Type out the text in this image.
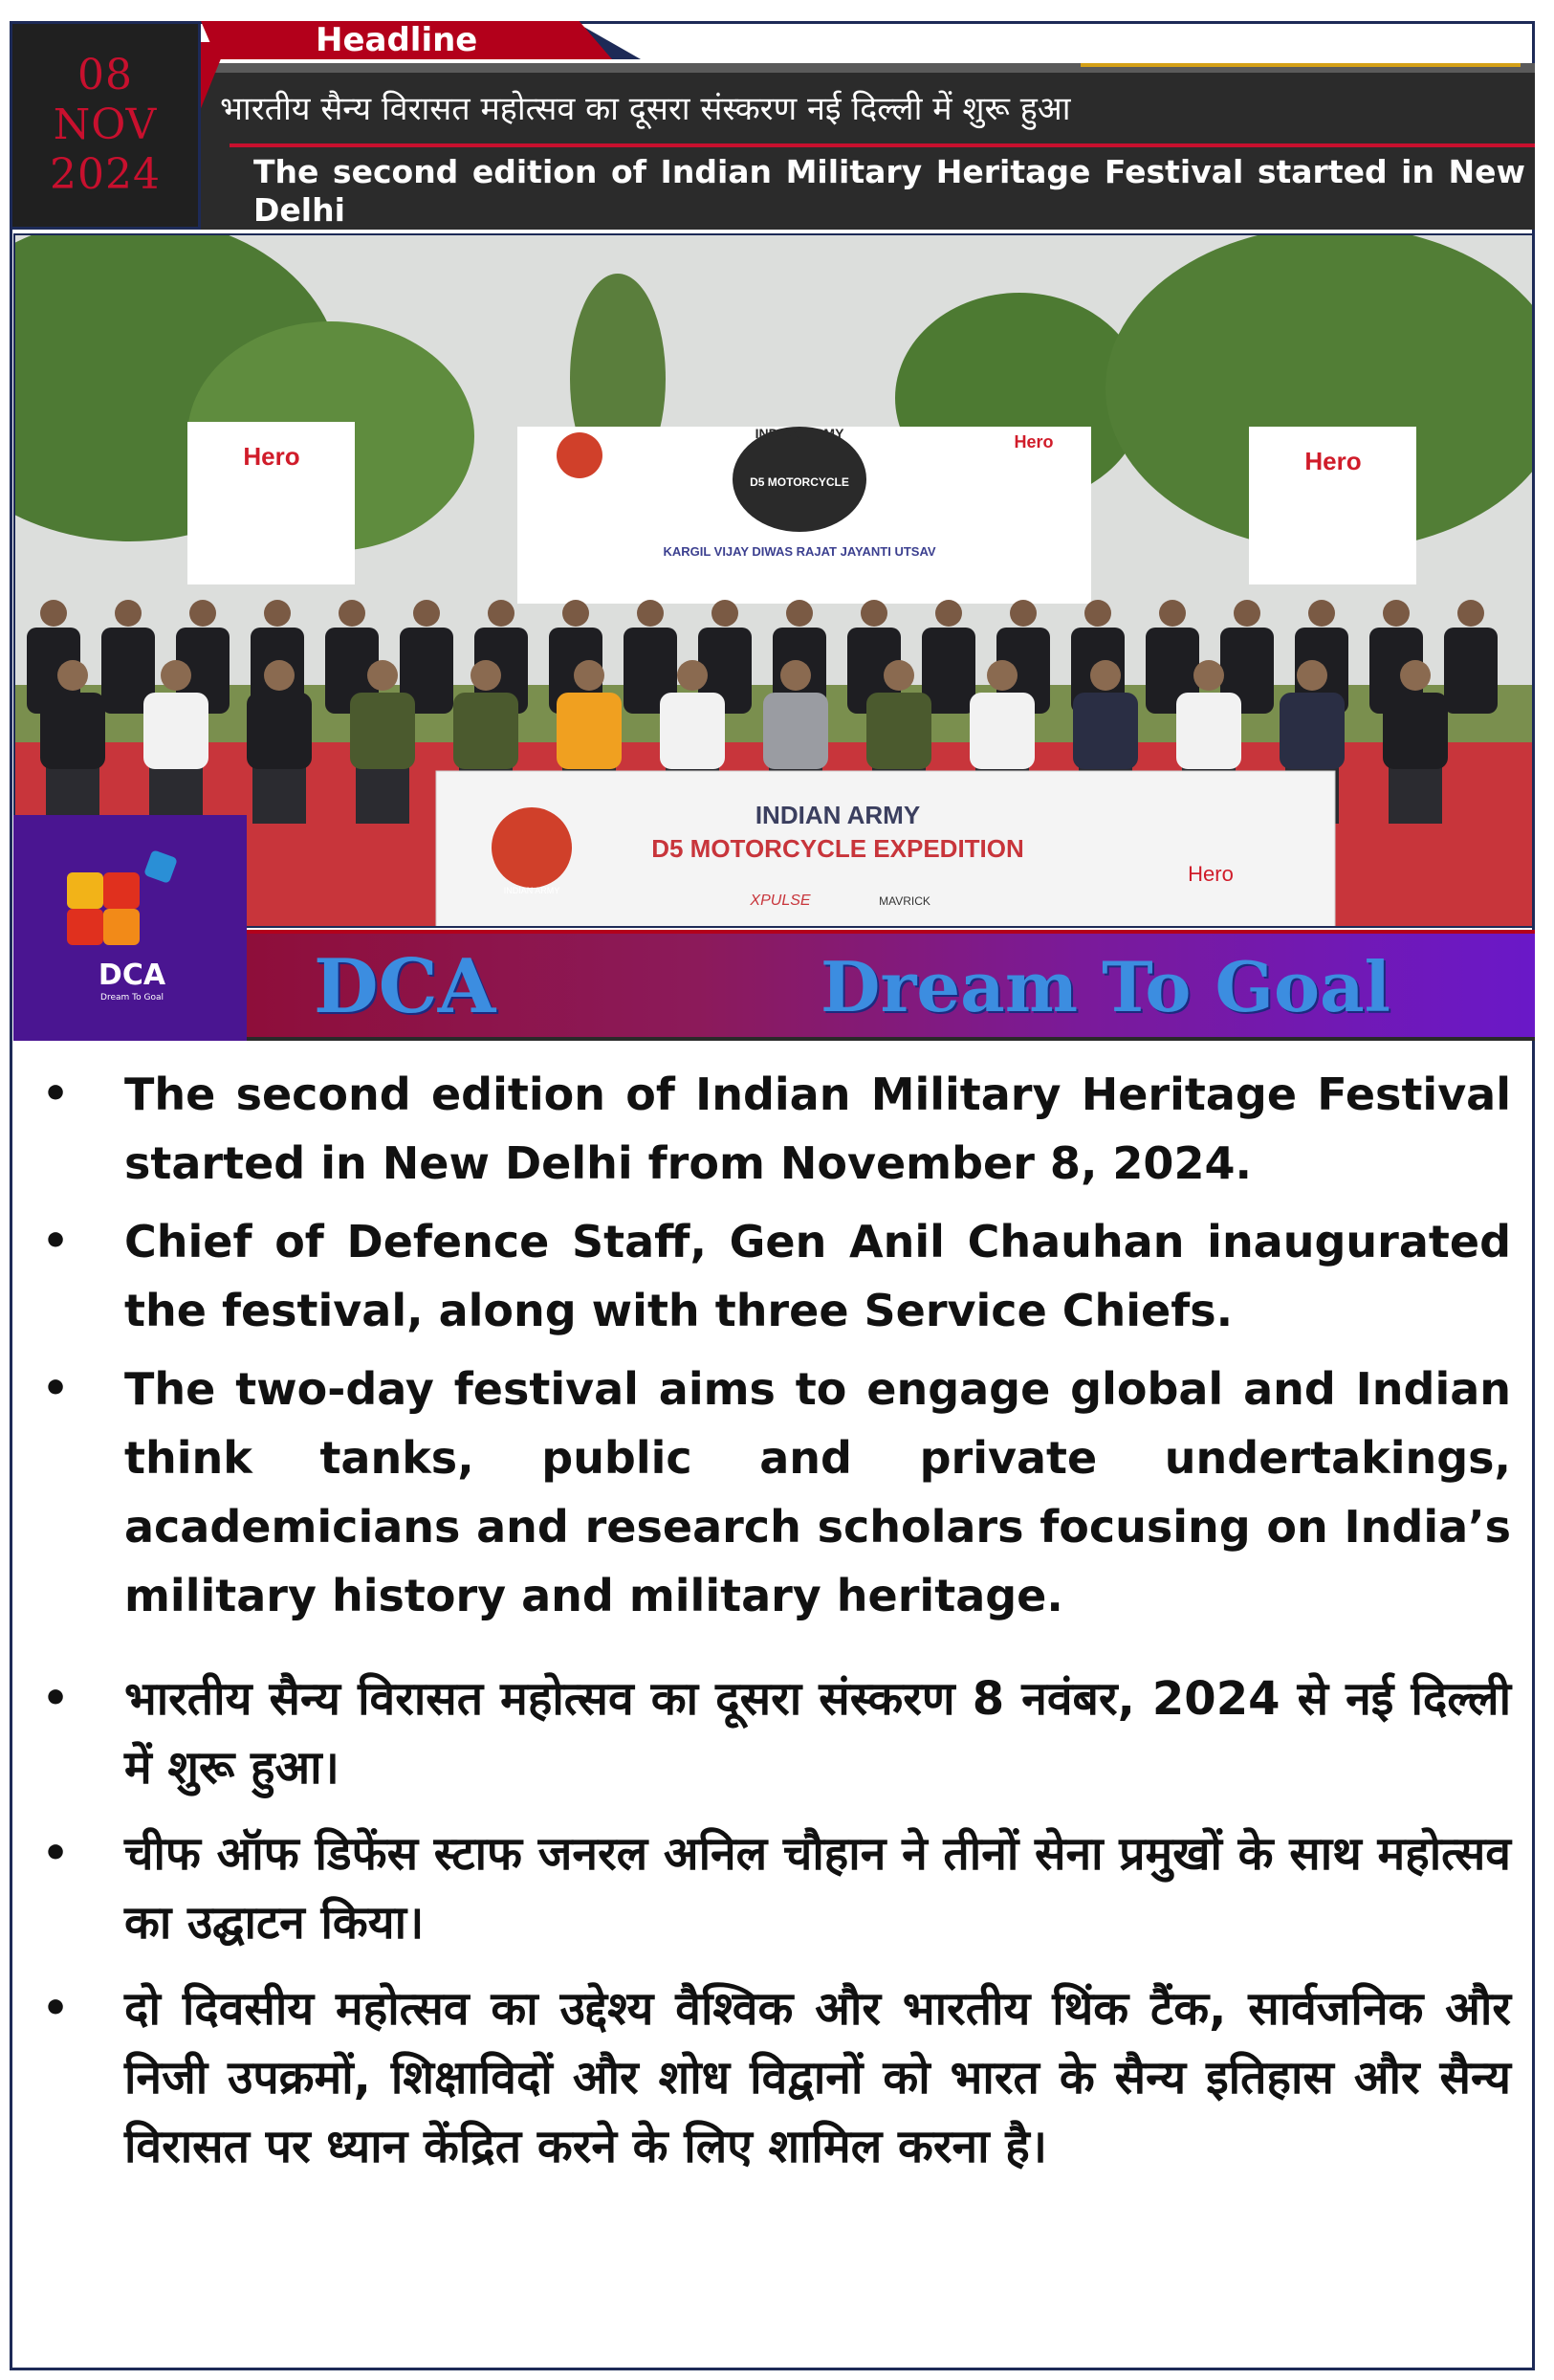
Headline
08
NOV
2024
भारतीय सैन्य विरासत महोत्सव का दूसरा संस्करण नई दिल्ली में शुरू हुआ
The second edition of Indian Military Heritage Festival started in New Delhi
Hero
INDIAN ARMY
D5 MOTORCYCLE
KARGIL VIJAY DIWAS RAJAT JAYANTI UTSAV
Hero
Hero
INDIAN ARMY
INDIAN ARMY
D5 MOTORCYCLE EXPEDITION
XPULSE	MAVRICK
Hero
DCA
Dream To Goal	DCA	Dream To Goal
• The second edition of Indian Military Heritage Festival started in New Delhi from November 8, 2024.
• Chief of Defence Staff, Gen Anil Chauhan inaugurated the festival, along with three Service Chiefs.
• The two-day festival aims to engage global and Indian think tanks, public and private undertakings, academicians and research scholars focusing on India’s military history and military heritage.
• भारतीय सैन्य विरासत महोत्सव का दूसरा संस्करण 8 नवंबर, 2024 से नई दिल्ली में शुरू हुआ।
• चीफ ऑफ डिफेंस स्टाफ जनरल अनिल चौहान ने तीनों सेना प्रमुखों के साथ महोत्सव का उद्घाटन किया।
• दो दिवसीय महोत्सव का उद्देश्य वैश्विक और भारतीय थिंक टैंक, सार्वजनिक और निजी उपक्रमों, शिक्षाविदों और शोध विद्वानों को भारत के सैन्य इतिहास और सैन्य विरासत पर ध्यान केंद्रित करने के लिए शामिल करना है।
